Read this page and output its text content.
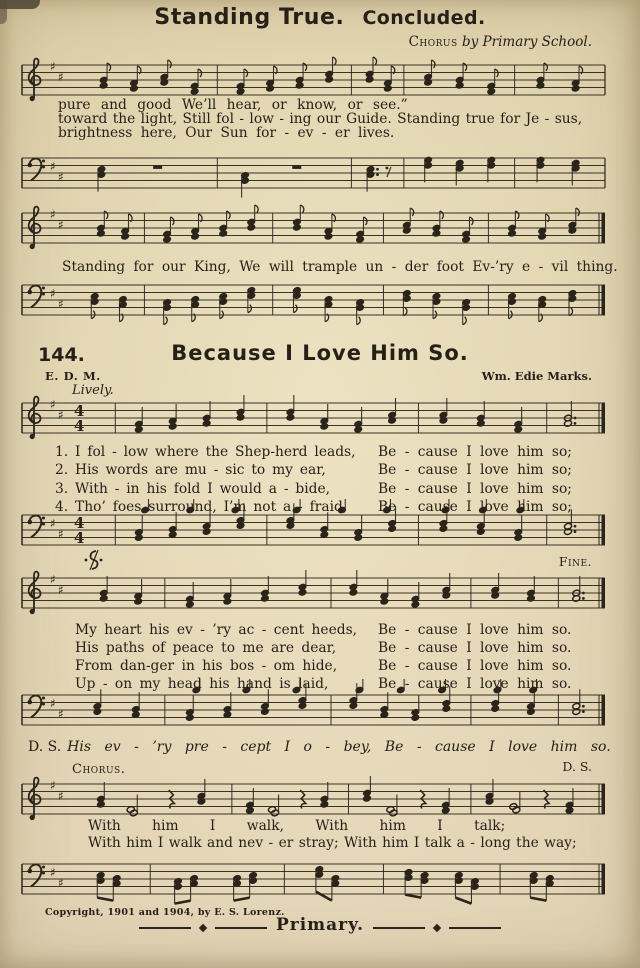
♯
♯
♯
♯
♯
♯
♯
♯
♯
♯ 4
4
♯
♯
4
4
♯
♯
♯
♯
♯
♯
♯
♯
Standing True. Concluded.
Chorus by Primary School.
pure and good We’ll hear, or know, or see.”
toward the light, Still fol - low - ing our Guide. Standing true for Je - sus,
brightness here, Our Sun for - ev - er lives.
Standing for our King, We will trample un - der foot Ev-’ry e - vil thing.
144.	Because I Love Him So.
E. D. M.	Wm. Edie Marks.
Lively.
1. I fol - low where the Shep-herd leads, Be - cause I love him so;
2. His words are mu - sic to my ear,	Be - cause I love him so;
3. With - in his fold I would a - bide,	Be - cause I love him so;
4. Tho’ foes surround, I’m not a - fraid, Be - cause I love him so;
Fine.
My heart his ev - ’ry ac - cent heeds, Be - cause I love him so.
His paths of peace to me are dear,	Be - cause I love him so.
From dan-ger in his bos - om hide,	Be - cause I love him so.
Up - on my head his hand is laid,	Be - cause I love him so.
D. S. His ev - ’ry pre - cept I o - bey, Be - cause I love him so.
Chorus.	D. S.
With him I walk, With him I talk;
With him I walk and nev - er stray; With him I talk a - long the way;
Copyright, 1901 and 1904, by E. S. Lorenz.
Primary.
